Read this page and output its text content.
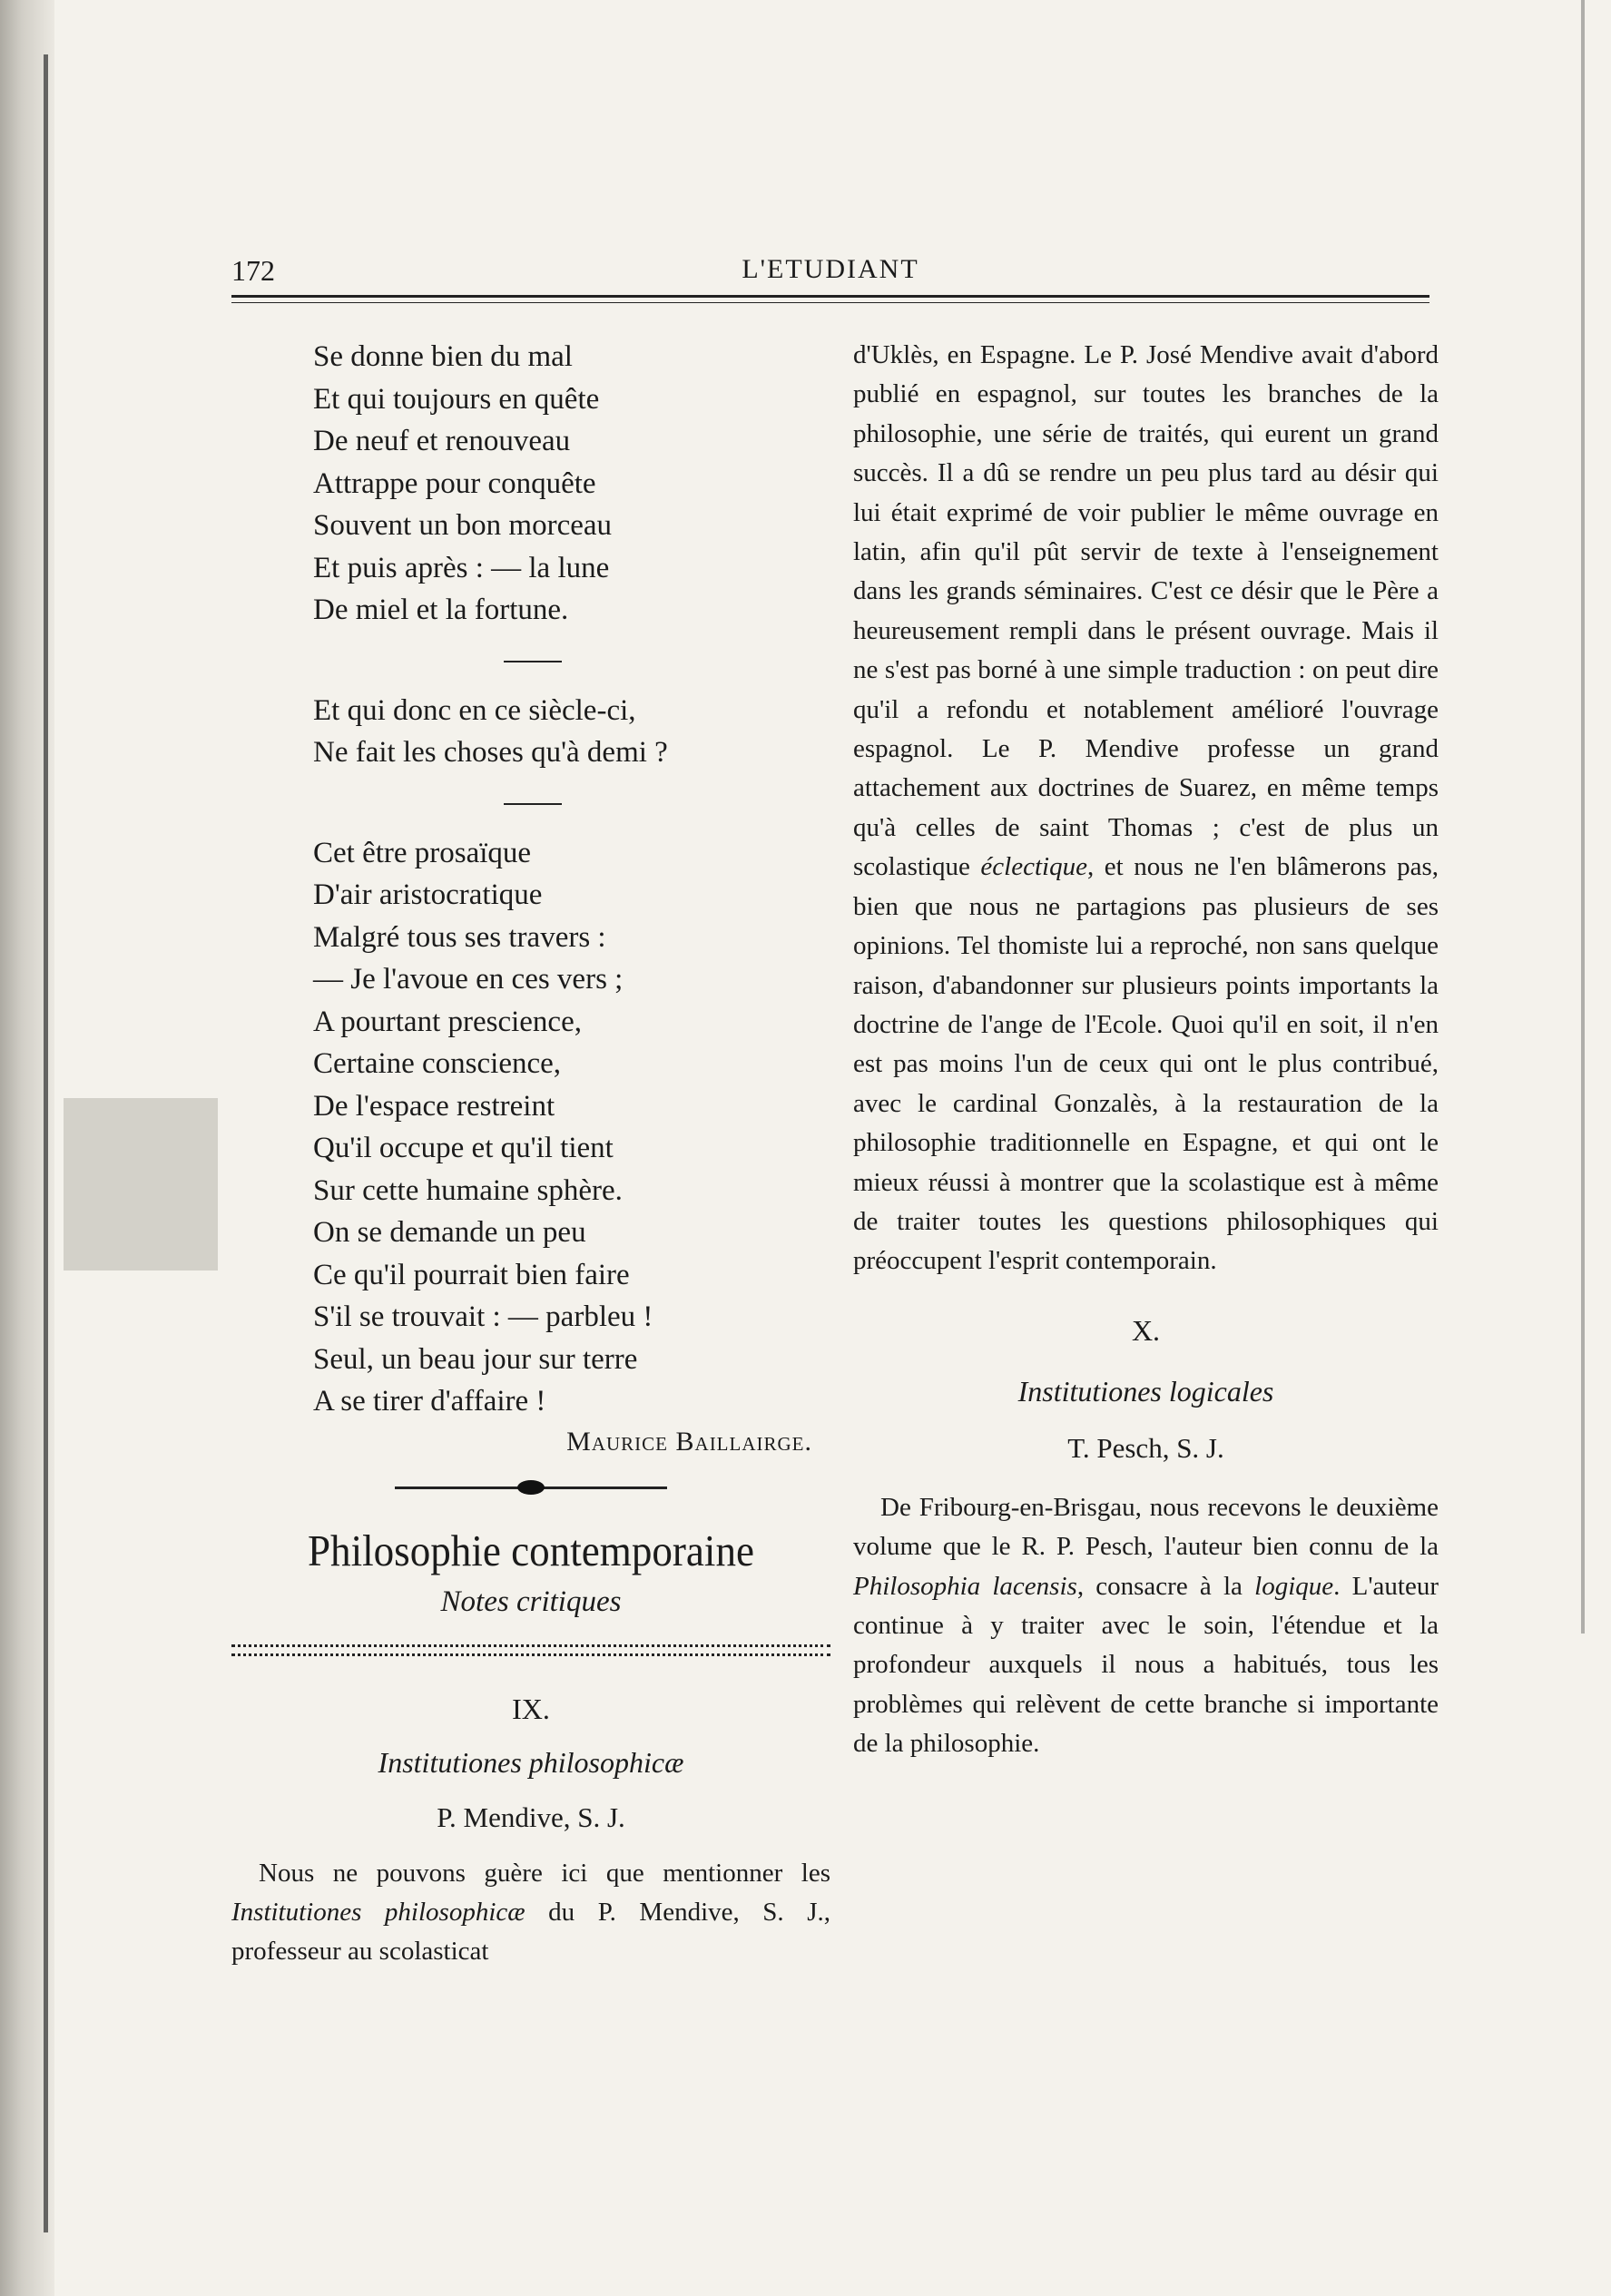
172	L'ETUDIANT
Se donne bien du mal
Et qui toujours en quête
De neuf et renouveau
Attrappe pour conquête
Souvent un bon morceau
Et puis après : — la lune
De miel et la fortune.
Et qui donc en ce siècle-ci,
Ne fait les choses qu'à demi ?
Cet être prosaïque
D'air aristocratique
Malgré tous ses travers :
— Je l'avoue en ces vers ;
A pourtant prescience,
Certaine conscience,
De l'espace restreint
Qu'il occupe et qu'il tient
Sur cette humaine sphère.
On se demande un peu
Ce qu'il pourrait bien faire
S'il se trouvait : — parbleu !
Seul, un beau jour sur terre
A se tirer d'affaire !
Maurice Baillairge.
Philosophie contemporaine
Notes critiques
IX.
Institutiones philosophicæ
P. Mendive, S. J.

Nous ne pouvons guère ici que mentionner les Institutiones philosophicæ du P. Mendive, S. J., professeur au scolasticat

d'Uklès, en Espagne. Le P. José Mendive avait d'abord publié en espagnol, sur toutes les branches de la philosophie, une série de traités, qui eurent un grand succès. Il a dû se rendre un peu plus tard au désir qui lui était exprimé de voir publier le même ouvrage en latin, afin qu'il pût servir de texte à l'enseignement dans les grands séminaires. C'est ce désir que le Père a heureusement rempli dans le présent ouvrage. Mais il ne s'est pas borné à une simple traduction : on peut dire qu'il a refondu et notablement amélioré l'ouvrage espagnol. Le P. Mendive professe un grand attachement aux doctrines de Suarez, en même temps qu'à celles de saint Thomas ; c'est de plus un scolastique éclectique, et nous ne l'en blâmerons pas, bien que nous ne partagions pas plusieurs de ses opinions. Tel thomiste lui a reproché, non sans quelque raison, d'abandonner sur plusieurs points importants la doctrine de l'ange de l'Ecole. Quoi qu'il en soit, il n'en est pas moins l'un de ceux qui ont le plus contribué, avec le cardinal Gonzalès, à la restauration de la philosophie traditionnelle en Espagne, et qui ont le mieux réussi à montrer que la scolastique est à même de traiter toutes les questions philosophiques qui préoccupent l'esprit contemporain.

X.
Institutiones logicales
T. Pesch, S. J.

De Fribourg-en-Brisgau, nous recevons le deuxième volume que le R. P. Pesch, l'auteur bien connu de la Philosophia lacensis, consacre à la logique. L'auteur continue à y traiter avec le soin, l'étendue et la profondeur auxquels il nous a habitués, tous les problèmes qui relèvent de cette branche si importante de la philosophie.
